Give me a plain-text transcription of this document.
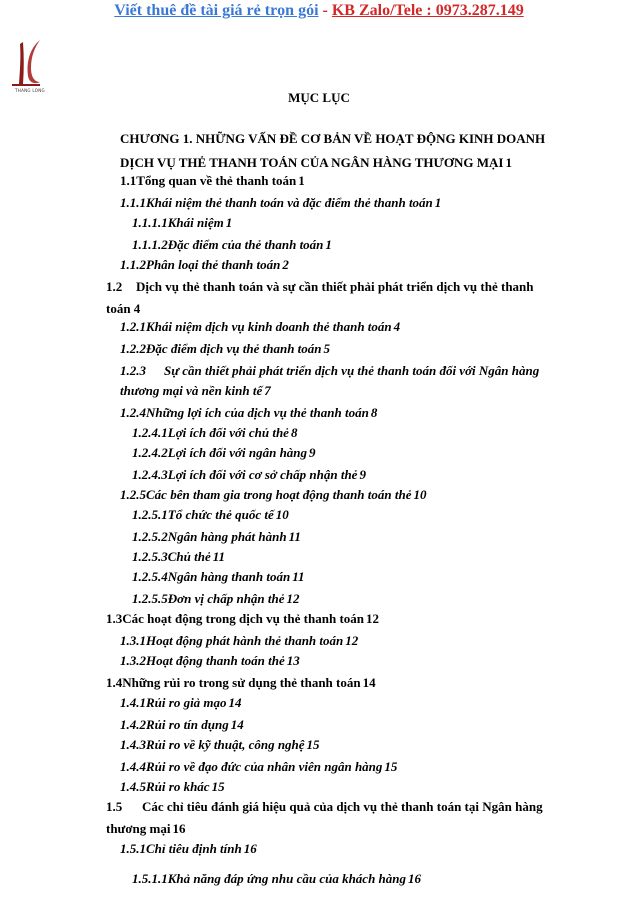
Viết thuê đề tài giá rẻ trọn gói - KB Zalo/Tele : 0973.287.149
THANG LONG	MỤC LỤC
CHƯƠNG 1. NHỮNG VẤN ĐỀ CƠ BẢN VỀ HOẠT ĐỘNG KINH DOANH
DỊCH VỤ THẺ THANH TOÁN CỦA NGÂN HÀNG THƯƠNG MẠI 1
1.1 Tổng quan về thẻ thanh toán 1
1.1.1 Khái niệm thẻ thanh toán và đặc điểm thẻ thanh toán 1
1.1.1.1 Khái niệm 1
1.1.1.2 Đặc điểm của thẻ thanh toán 1
1.1.2 Phân loại thẻ thanh toán 2
1.2	Dịch vụ thẻ thanh toán và sự cần thiết phải phát triển dịch vụ thẻ thanh
toán 4
1.2.1 Khái niệm dịch vụ kinh doanh thẻ thanh toán 4
1.2.2 Đặc điểm dịch vụ thẻ thanh toán 5
1.2.3	Sự cần thiết phải phát triển dịch vụ thẻ thanh toán đối với Ngân hàng
thương mại và nền kinh tế 7
1.2.4 Những lợi ích của dịch vụ thẻ thanh toán 8
1.2.4.1 Lợi ích đối với chủ thẻ 8
1.2.4.2 Lợi ích đối với ngân hàng 9
1.2.4.3 Lợi ích đối với cơ sở chấp nhận thẻ 9
1.2.5 Các bên tham gia trong hoạt động thanh toán thẻ 10
1.2.5.1 Tổ chức thẻ quốc tế 10
1.2.5.2 Ngân hàng phát hành 11
1.2.5.3 Chủ thẻ 11
1.2.5.4 Ngân hàng thanh toán 11
1.2.5.5 Đơn vị chấp nhận thẻ 12
1.3 Các hoạt động trong dịch vụ thẻ thanh toán 12
1.3.1 Hoạt động phát hành thẻ thanh toán 12
1.3.2 Hoạt động thanh toán thẻ 13
1.4 Những rủi ro trong sử dụng thẻ thanh toán 14
1.4.1 Rủi ro giả mạo 14
1.4.2 Rủi ro tín dụng 14
1.4.3 Rủi ro về kỹ thuật, công nghệ 15
1.4.4 Rủi ro về đạo đức của nhân viên ngân hàng 15
1.4.5 Rủi ro khác 15
1.5	Các chỉ tiêu đánh giá hiệu quả của dịch vụ thẻ thanh toán tại Ngân hàng
thương mại 16
1.5.1 Chỉ tiêu định tính 16
1.5.1.1 Khả năng đáp ứng nhu cầu của khách hàng 16
